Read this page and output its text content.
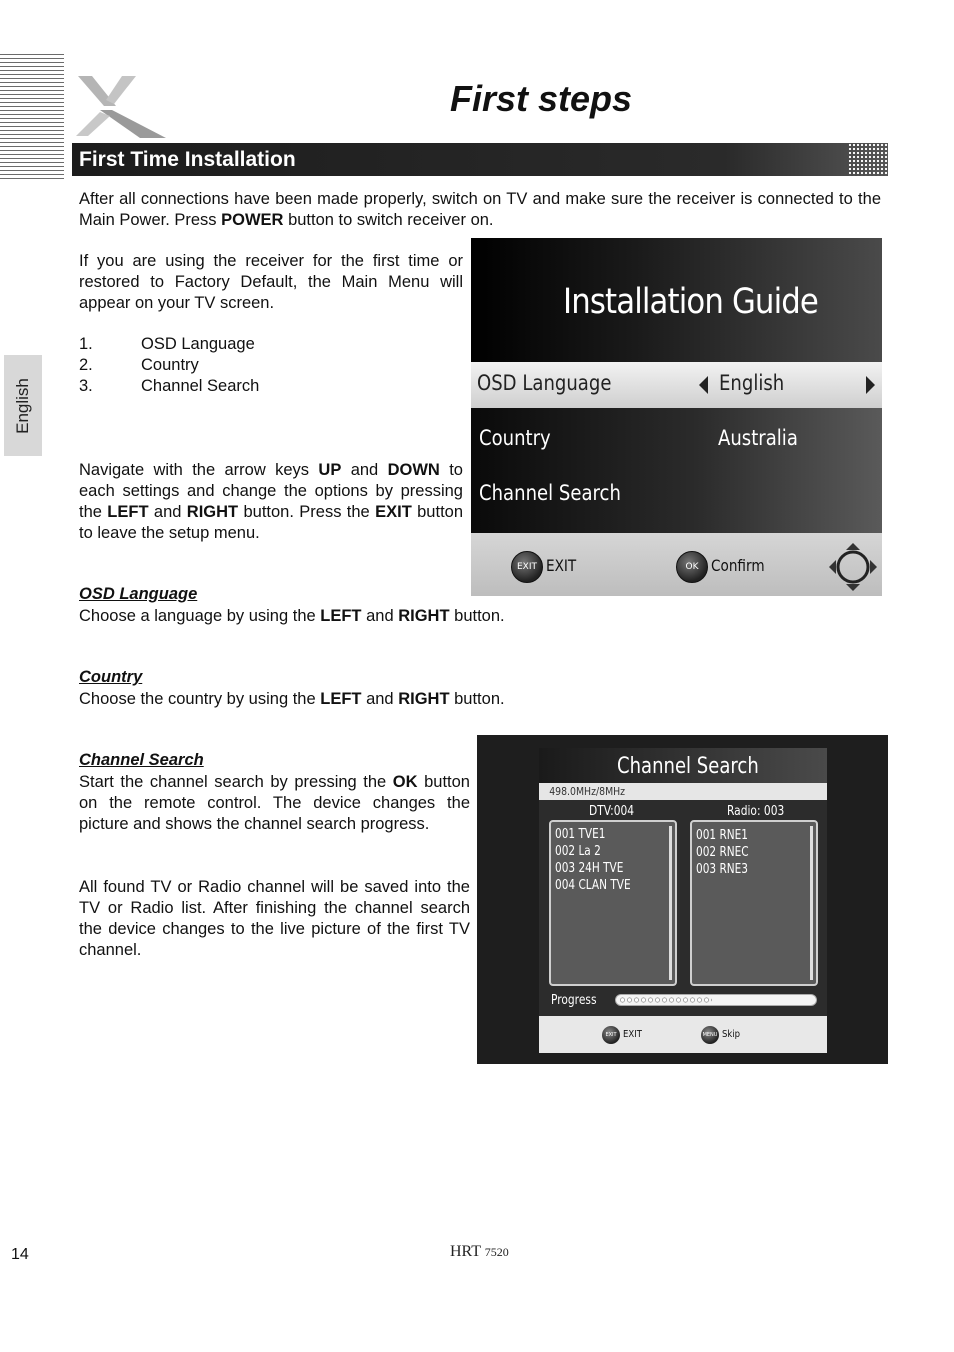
First steps
First Time Installation
English

After all connections have been made properly, switch on TV and make sure the receiver is connected to the Main Power. Press POWER button to switch receiver on.

If you are using the receiver for the first time or restored to Factory Default, the Main Menu will appear on your TV screen.

1.	OSD Language
2.	Country
3.	Channel Search

Navigate with the arrow keys UP and DOWN to each settings and change the options by pressing the LEFT and RIGHT button. Press the EXIT button to leave the setup menu.

Installation Guide
OSD Language	English
Country	Australia
Channel Search
EXIT EXIT	OK Confirm
OSD Language

Choose a language by using the LEFT and RIGHT button.

Country

Choose the country by using the LEFT and RIGHT button.

Channel Search

Start the channel search by pressing the OK button on the remote control. The device changes the picture and shows the channel search progress.

All found TV or Radio channel will be saved into the TV or Radio list. After finishing the channel search the device changes to the live picture of the first TV channel.

Channel Search
498.0MHz/8MHz
DTV:004	Radio: 003
001 TVE1
002 La 2
003 24H TVE
004 CLAN TVE
001 RNE1
002 RNEC
003 RNE3
Progress
EXIT EXIT	MENU Skip
14	HRT 7520
